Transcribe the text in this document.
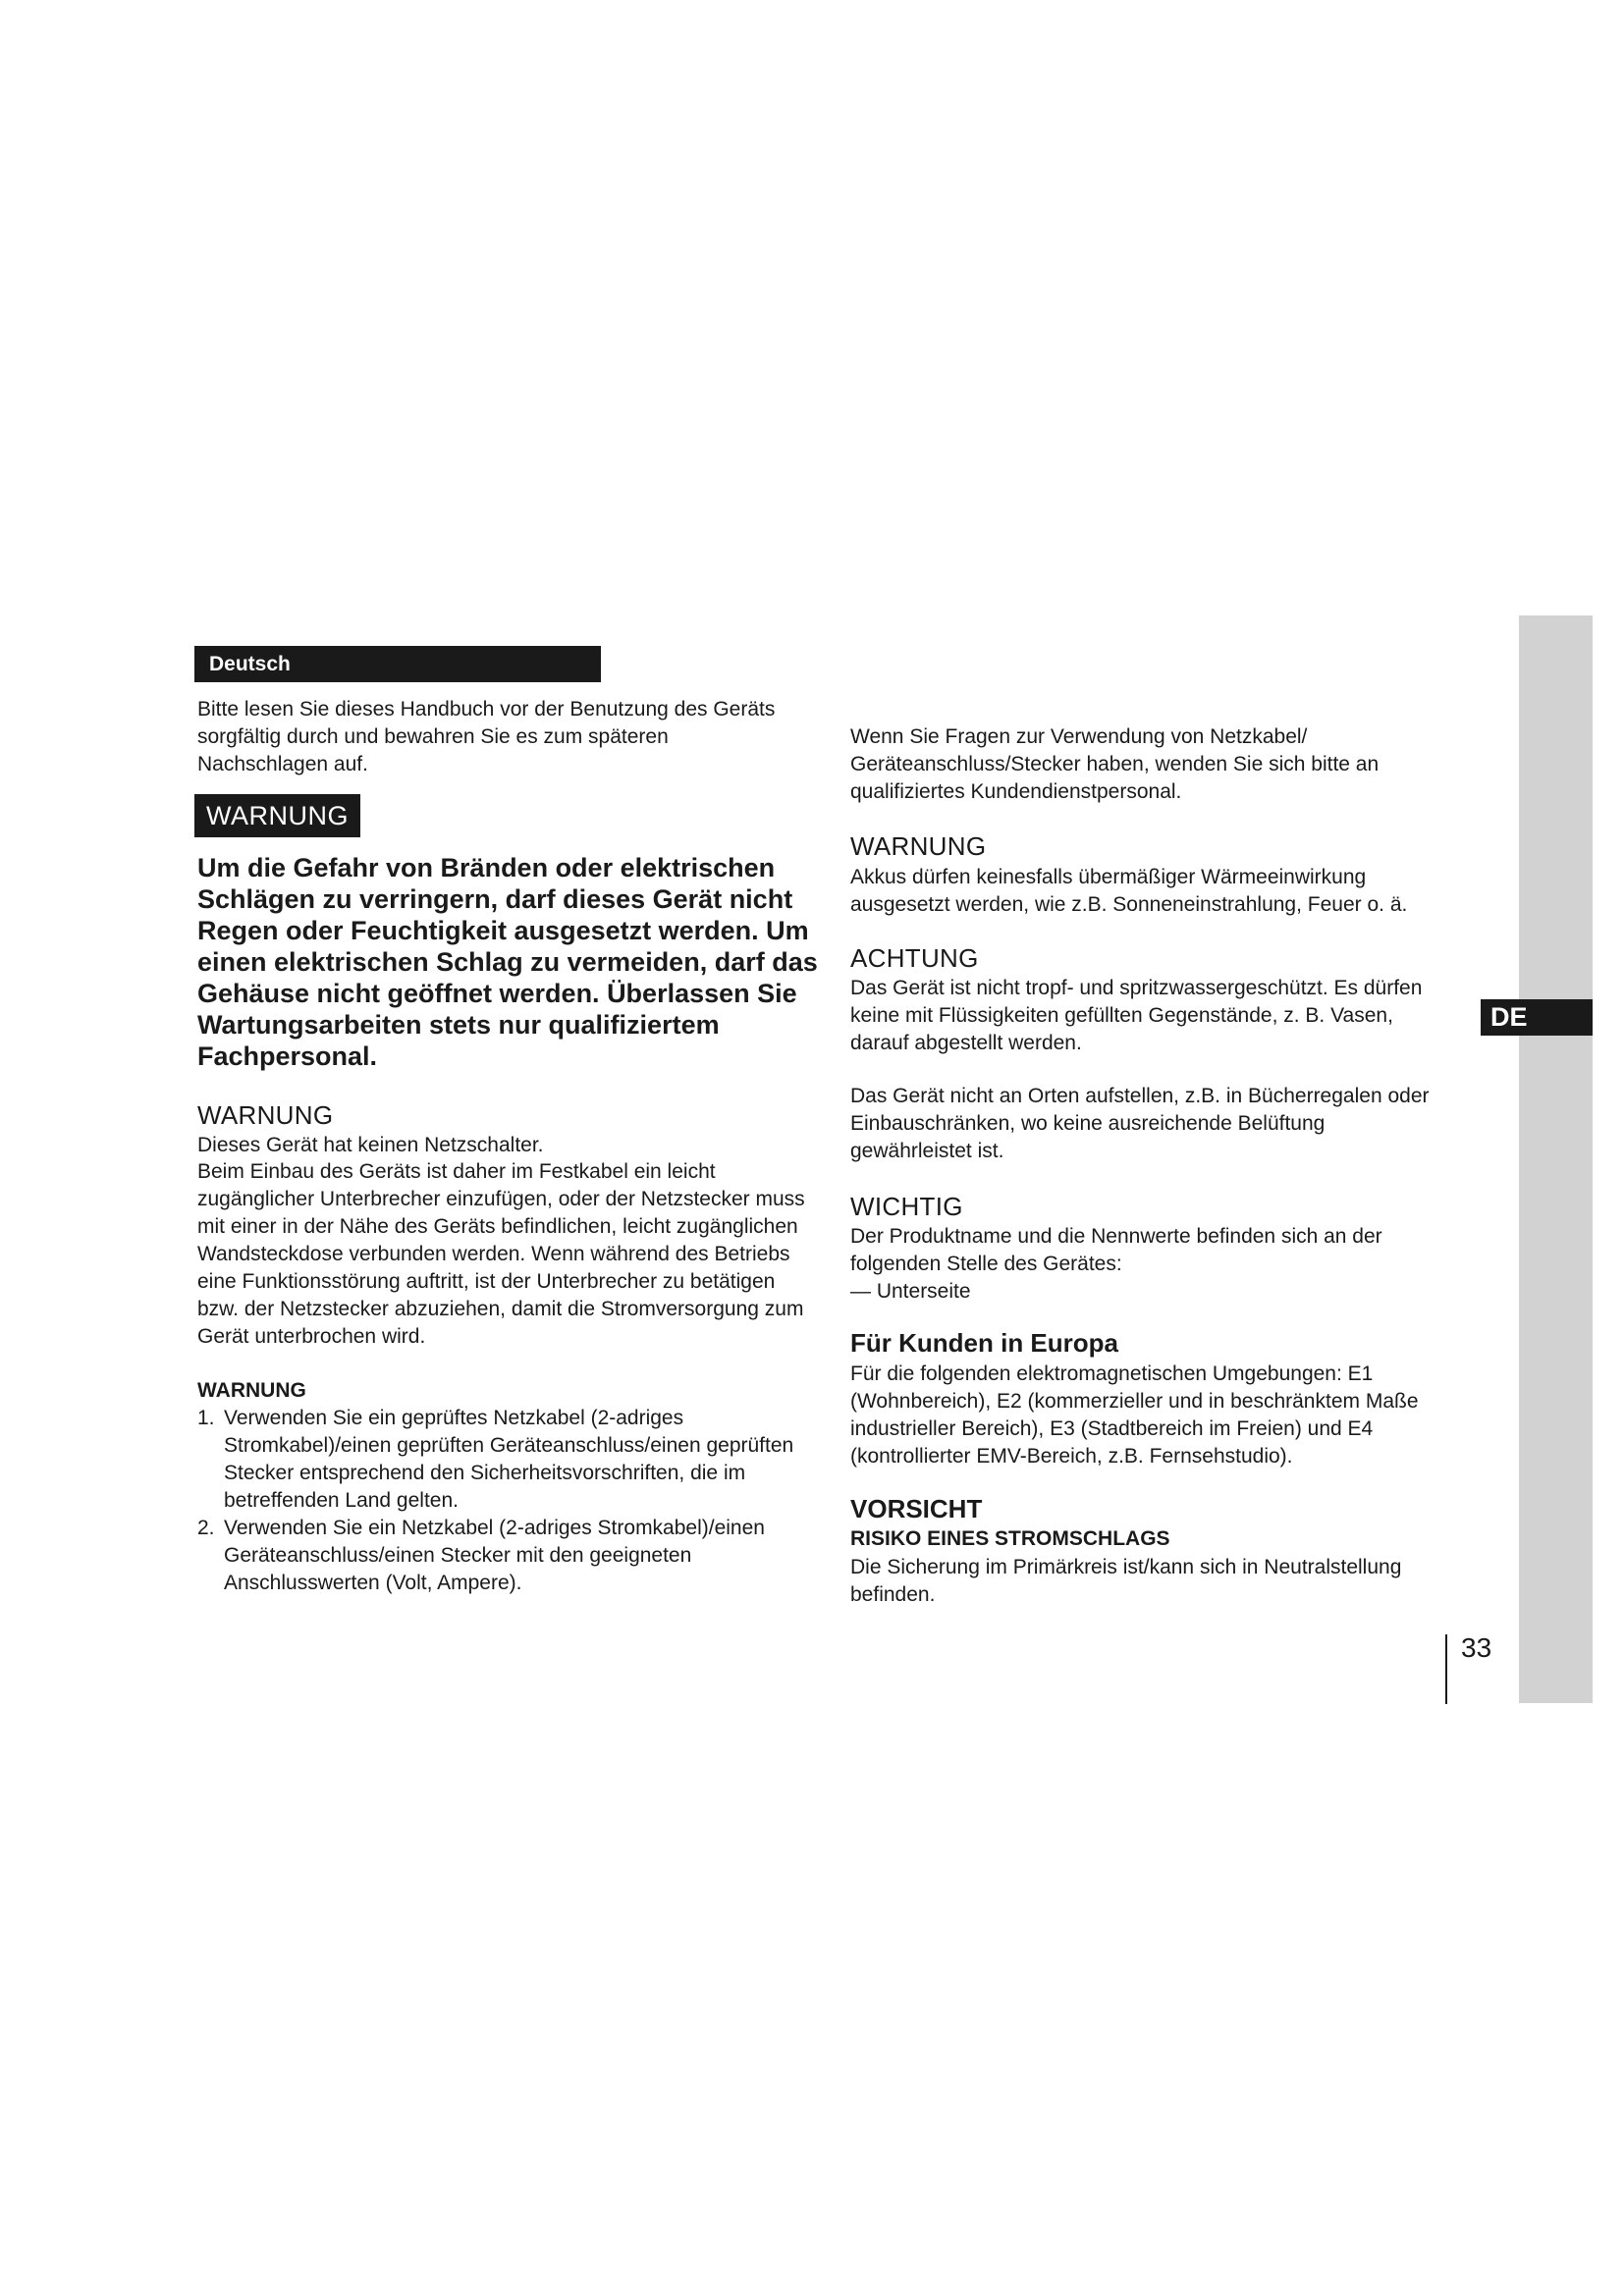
Deutsch
Bitte lesen Sie dieses Handbuch vor der Benutzung des Geräts sorgfältig durch und bewahren Sie es zum späteren Nachschlagen auf.
WARNUNG
Um die Gefahr von Bränden oder elektrischen Schlägen zu verringern, darf dieses Gerät nicht Regen oder Feuchtigkeit ausgesetzt werden. Um einen elektrischen Schlag zu vermeiden, darf das Gehäuse nicht geöffnet werden. Überlassen Sie Wartungsarbeiten stets nur qualifiziertem Fachpersonal.
WARNUNG
Dieses Gerät hat keinen Netzschalter.
Beim Einbau des Geräts ist daher im Festkabel ein leicht zugänglicher Unterbrecher einzufügen, oder der Netzstecker muss mit einer in der Nähe des Geräts befindlichen, leicht zugänglichen Wandsteckdose verbunden werden. Wenn während des Betriebs eine Funktionsstörung auftritt, ist der Unterbrecher zu betätigen bzw. der Netzstecker abzuziehen, damit die Stromversorgung zum Gerät unterbrochen wird.
WARNUNG
1. Verwenden Sie ein geprüftes Netzkabel (2-adriges Stromkabel)/einen geprüften Geräteanschluss/einen geprüften Stecker entsprechend den Sicherheitsvorschriften, die im betreffenden Land gelten.
2. Verwenden Sie ein Netzkabel (2-adriges Stromkabel)/einen Geräteanschluss/einen Stecker mit den geeigneten Anschlusswerten (Volt, Ampere).
Wenn Sie Fragen zur Verwendung von Netzkabel/ Geräteanschluss/Stecker haben, wenden Sie sich bitte an qualifiziertes Kundendienstpersonal.
WARNUNG
Akkus dürfen keinesfalls übermäßiger Wärmeeinwirkung ausgesetzt werden, wie z.B. Sonneneinstrahlung, Feuer o. ä.
ACHTUNG
Das Gerät ist nicht tropf- und spritzwassergeschützt. Es dürfen keine mit Flüssigkeiten gefüllten Gegenstände, z. B. Vasen, darauf abgestellt werden.
Das Gerät nicht an Orten aufstellen, z.B. in Bücherregalen oder Einbauschränken, wo keine ausreichende Belüftung gewährleistet ist.
WICHTIG
Der Produktname und die Nennwerte befinden sich an der folgenden Stelle des Gerätes:
— Unterseite
Für Kunden in Europa
Für die folgenden elektromagnetischen Umgebungen: E1 (Wohnbereich), E2 (kommerzieller und in beschränktem Maße industrieller Bereich), E3 (Stadtbereich im Freien) und E4 (kontrollierter EMV-Bereich, z.B. Fernsehstudio).
VORSICHT
RISIKO EINES STROMSCHLAGS
Die Sicherung im Primärkreis ist/kann sich in Neutralstellung befinden.
DE
33
